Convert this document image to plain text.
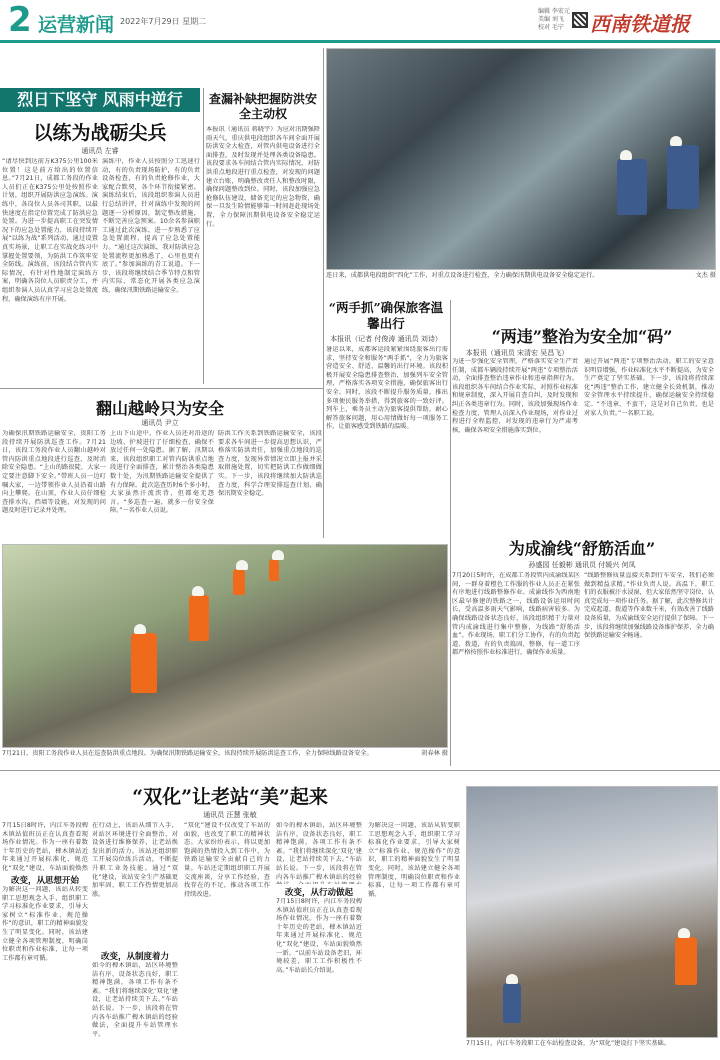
2 运营新闻 2022年7月29日 星期二
编辑 李宏元
美编 刘飞
校对 毛宁	西南铁道报
烈日下坚守 风雨中逆行
以练为战砺尖兵
通讯员 左睿
“请尽快到达前方K375公里100米位置！这是前方给出的位置信息。”7月21日，成都工务段的作业人员们正在K375公里处按照作业计划，组织开展防洪应急演练。演练中，各岗位人员各司其职，以最快速度在指定位置完成了防洪应急处置。为进一步提高职工在突发情况下的应急处置能力，该段持续开展“以练为战”系列活动，通过设置真实场景，让职工在实战化练习中掌握处置要领，为防洪工作筑牢安全防线。演练前，该段结合管内实际情况，有针对性地制定演练方案，明确各岗位人员职责分工，并组织参演人员认真学习应急处置流程，确保演练有序开展。
演练中，作业人员按照分工迅速行动，有的负责现场防护，有的负责设备检查，有的负责抢修作业，大家配合默契，各个环节衔接紧密。演练结束后，该段组织参演人员进行总结讲评，针对演练中发现的问题逐一分析原因，制定整改措施，不断完善应急预案。10余名参演职工通过此次演练，进一步熟悉了应急处置流程，提高了应急处置能力。“通过这次演练，我对防洪应急处置流程更加熟悉了，心里也更有底了。”参加演练的青工说道。下一步，该段将继续结合季节特点和管内实际，常态化开展各类应急演练，确保汛期铁路运输安全。
查漏补缺把握防洪安全主动权
本报讯（通讯员 蒋晓宇）为应对汛期强降雨天气，重庆供电段组织各车间全面开展防洪安全大检查，对管内供电设备进行全面排查，及时发现并处理各类设备隐患。该段要求各车间结合管内实际情况，对防洪重点地段进行重点检查，对发现的问题建立台账，明确整改责任人和整改时限，确保问题整改到位。同时，该段加强应急抢修队伍建设，储备充足的应急物资，确保一旦发生险情能够第一时间赶赴现场处置，全力保障汛期供电设备安全稳定运行。
连日来，成都供电段组织“四化”工作，对重点设备进行检查，全力确保汛期供电设备安全稳定运行。	文杰 摄
“两手抓”确保旅客温馨出行
本报讯（记者 付俊涛 通讯员 刘诗）
暑运以来，成都客运段紧紧围绕旅客出行需求，坚持安全和服务“两手抓”，全力为旅客营造安全、舒适、温馨的出行环境。该段积极开展安全隐患排查整治，加强列车安全管理，严格落实各项安全措施，确保旅客出行安全。同时，该段不断提升服务质量，推出多项便民服务举措，得到旅客的一致好评。列车上，乘务员主动为旅客提供帮助，耐心解答旅客问题，用心用情做好每一项服务工作，让旅客感受到铁路的温暖。
“两违”整治为安全加“码”
本报讯（通讯员 宋清宏 吴昌飞）
为进一步强化安全管理，严格落实安全生产责任制，成都车辆段持续开展“两违”专项整治活动，全面排查整治违章作业和违章指挥行为。该段组织各车间结合作业实际，对照作业标准和规章制度，深入开展自查自纠，及时发现和纠正各类违章行为。同时，该段加强现场作业检查力度，管理人员深入作业现场，对作业过程进行全程监控，对发现的违章行为严肃考核，确保各项安全措施落实到位。
通过开展“两违”专项整治活动，职工的安全意识明显增强，作业标准化水平不断提高，为安全生产奠定了坚实基础。下一步，该段将持续深化“两违”整治工作，建立健全长效机制，推动安全管理水平持续提升，确保运输安全持续稳定。“不违章、不蛮干，这是对自己负责，也是对家人负责。”一名职工说。
翻山越岭只为安全
通讯员 尹立
为确保汛期铁路运输安全，贵阳工务段持续开展防洪巡查工作。7月21日，该段工务段作业人员翻山越岭对管内防洪重点地段进行巡查，及时消除安全隐患。“上山的路很陡，大家一定要注意脚下安全。”带班人员一边叮嘱大家，一边带领作业人员沿着山路向上攀爬。在山顶，作业人员仔细检查排水沟、挡墙等设施，对发现的问题及时进行记录并处理。
上山下山途中，作业人员还对沿途的边坡、护坡进行了仔细检查，确保不放过任何一处隐患。据了解，汛期以来，该段组织职工对管内防洪重点地段进行全面排查，累计整治各类隐患数十处，为汛期铁路运输安全提供了有力保障。此次巡查历时6个多小时，大家虽然汗流浃背，但都毫无怨言。“多巡查一遍，就多一份安全保障。”一名作业人员说。
防洪工作关系到铁路运输安全，该段要求各车间进一步提高思想认识，严格落实防洪责任，加强重点地段的巡查力度，发现异常情况立即上报并采取措施处置，切实把防洪工作做细做实。下一步，该段将继续加大防洪巡查力度，科学合理安排巡查计划，确保汛期安全稳定。
7月21日，贵阳工务段作业人员在巡查防洪重点地段。为确保汛期铁路运输安全，该段持续开展防洪巡查工作，全力保障线路设备安全。	胡春林 摄
为成渝线“舒筋活血”
孙盛园 任毅彬 通讯员 付媛兴 何凤
7月20日5时许，在成都工务段管内成渝线某区间，一群身着橙色工作服的作业人员正在紧张有序地进行线路整修作业。成渝线作为西南地区最早修建的铁路之一，线路设备运用时间长，受高温多雨天气影响，线路病害较多。为确保线路设备状态良好，该段组织精干力量对管内成渝线进行集中整修，为线路“舒筋活血”。作业现场，职工们分工协作，有的负责起道、拨道，有的负责捣固、整修，每一道工序都严格按照作业标准进行，确保作业质量。
“线路整修质量直接关系到行车安全，我们必须做到精益求精。”作业负责人说。高温下，职工们的衣服被汗水浸湿，但大家依然坚守岗位，认真完成每一项作业任务。据了解，此次整修共计完成起道、拨道等作业数千米，有效改善了线路设备质量，为成渝线安全运行提供了保障。下一步，该段将继续加强线路设备维护保养，全力确保铁路运输安全畅通。
“双化”让老站“美”起来
通讯员 汪慧 张敏
7月15日8时许，内江车务段椑木镇站值班员正在认真查看现场作业情况。作为一座有着数十年历史的老站，椑木镇站近年来通过开展标准化、规范化“双化”建设，车站面貌焕然
改变，从思想开始
为解决这一问题，该站从转变职工思想观念入手，组织职工学习标准化作业要求，引导大家树立“标准作业、规范操作”的意识，职工的精神面貌发生了明显变化。同时，该站建立健全各项管理制度，明确岗位职责和作业标准，让每一项工作都有章可循。
在行动上，该站从细节入手，对站区环境进行全面整治，对设备进行维修保养，让老站焕发出新的活力。该站还组织职工开展岗位练兵活动，不断提升职工业务技能。通过“双化”建设，该站安全生产基础更加牢固，职工工作热情更加高涨。
改变，从制度着力
如今的椑木镇站，站区环境整洁有序，设备状态良好，职工精神饱满，各项工作有条不紊。“我们将继续深化‘双化’建设，让老站持续美下去。”车站站长说。下一步，该段将在管内各车站推广椑木镇站的经验做法，全面提升车站管理水平。
“双化”建设不仅改变了车站的面貌，也改变了职工的精神状态。大家纷纷表示，将以更加饱满的热情投入到工作中，为铁路运输安全贡献自己的力量。车站还定期组织职工开展交流座谈，分享工作经验，查找存在的不足，推动各项工作持续改进。	改变，从行动做起
如今的椑木镇站，站区环境整洁有序，设备状态良好，职工精神饱满，各项工作有条不紊。“我们将继续深化‘双化’建设，让老站持续美下去。”车站站长说。下一步，该段将在管内各车站推广椑木镇站的经验
7月15日8时许，内江车务段椑木镇站值班员正在认真查看现场作业情况。作为一座有着数十年历史的老站，椑木镇站近年来通过开展标准化、规范化“双化”建设，车站面貌焕然一新。“以前车站设备老旧，环境较差，职工工作积极性不高。”车站站长介绍说。
为解决这一问题，该站从转变职工思想观念入手，组织职工学习标准化作业要求，引导大家树立“标准作业、规范操作”的意识，职工的精神面貌发生了明显变化。同时，该站建立健全各项管理制度，明确岗位职责和作业标准，让每一项工作都有章可循。
7月15日，内江车务段职工在车站检查设备，为“双化”建设打下坚实基础。
